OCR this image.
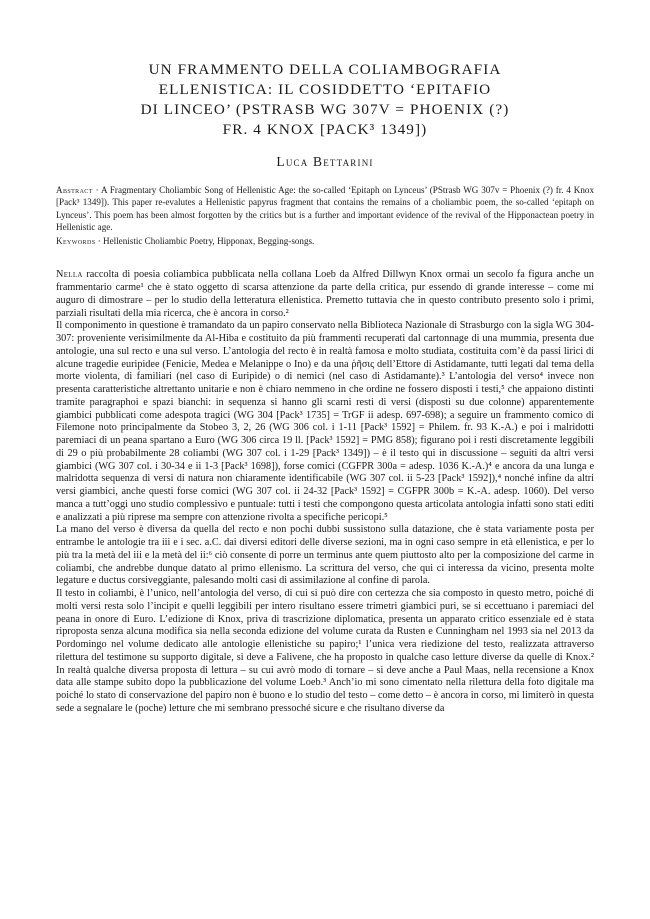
UN FRAMMENTO DELLA COLIAMBOGRAFIA
ELLENISTICA: IL COSIDDETTO ‘EPITAFIO
DI LINCEO’ (PSTRASB WG 307V = PHOENIX (?)
FR. 4 KNOX [PACK³ 1349])
Luca Bettarini
Abstract · A Fragmentary Choliambic Song of Hellenistic Age: the so-called ‘Epitaph on Lynceus’ (PStrasb WG 307v = Phoenix (?) fr. 4 Knox [Pack³ 1349]). This paper re-evalutes a Hellenistic papyrus fragment that contains the remains of a choliambic poem, the so-called ‘epitaph on Lynceus’. This poem has been almost forgotten by the critics but is a further and important evidence of the revival of the Hipponactean poetry in Hellenistic age.
Keywords · Hellenistic Choliambic Poetry, Hipponax, Begging-songs.

Nella raccolta di poesia coliambica pubblicata nella collana Loeb da Alfred Dillwyn Knox ormai un secolo fa figura anche un frammentario carme¹ che è stato oggetto di scarsa attenzione da parte della critica, pur essendo di grande interesse – come mi auguro di dimostrare – per lo studio della letteratura ellenistica. Premetto tuttavia che in questo contributo presento solo i primi, parziali risultati della mia ricerca, che è ancora in corso.²

Il componimento in questione è tramandato da un papiro conservato nella Biblioteca Nazionale di Strasburgo con la sigla WG 304-307: proveniente verisimilmente da Al-Hiba e costituito da più frammenti recuperati dal cartonnage di una mummia, presenta due antologie, una sul recto e una sul verso. L’antologia del recto è in realtà famosa e molto studiata, costituita com’è da passi lirici di alcune tragedie euripidee (Fenicie, Medea e Melanippe o Ino) e da una ῥῆσις dell’Ettore di Astidamante, tutti legati dal tema della morte violenta, di familiari (nel caso di Euripide) o di nemici (nel caso di Astidamante).³ L’antologia del verso⁴ invece non presenta caratteristiche altrettanto unitarie e non è chiaro nemmeno in che ordine ne fossero disposti i testi,⁵ che appaiono distinti tramite paragraphoi e spazi bianchi: in sequenza si hanno gli scarni resti di versi (disposti su due colonne) apparentemente giambici pubblicati come adespota tragici (WG 304 [Pack³ 1735] = TrGF ii adesp. 697-698); a seguire un frammento comico di Filemone noto principalmente da Stobeo 3, 2, 26 (WG 306 col. i 1-11 [Pack³ 1592] = Philem. fr. 93 K.-A.) e poi i malridotti paremiaci di un peana spartano a Euro (WG 306 circa 19 ll. [Pack³ 1592] = PMG 858); figurano poi i resti discretamente leggibili di 29 o più probabilmente 28 coliambi (WG 307 col. i 1-29 [Pack³ 1349]) – è il testo qui in discussione – seguiti da altri versi giambici (WG 307 col. i 30-34 e ii 1-3 [Pack³ 1698]), forse comici (CGFPR 300a = adesp. 1036 K.-A.)⁴ e ancora da una lunga e malridotta sequenza di versi di natura non chiaramente identificabile (WG 307 col. ii 5-23 [Pack³ 1592]),⁴ nonché infine da altri versi giambici, anche questi forse comici (WG 307 col. ii 24-32 [Pack³ 1592] = CGFPR 300b = K.-A. adesp. 1060). Del verso manca a tutt’oggi uno studio complessivo e puntuale: tutti i testi che compongono questa articolata antologia infatti sono stati editi e analizzati a più riprese ma sempre con attenzione rivolta a specifiche pericopi.⁵

La mano del verso è diversa da quella del recto e non pochi dubbi sussistono sulla datazione, che è stata variamente posta per entrambe le antologie tra iii e i sec. a.C. dai diversi editori delle diverse sezioni, ma in ogni caso sempre in età ellenistica, e per lo più tra la metà del iii e la metà del ii:⁶ ciò consente di porre un terminus ante quem piuttosto alto per la composizione del carme in coliambi, che andrebbe dunque datato al primo ellenismo. La scrittura del verso, che qui ci interessa da vicino, presenta molte legature e ductus corsiveggiante, palesando molti casi di assimilazione al confine di parola.

Il testo in coliambi, è l’unico, nell’antologia del verso, di cui si può dire con certezza che sia composto in questo metro, poiché di molti versi resta solo l’incipit e quelli leggibili per intero risultano essere trimetri giambici puri, se si eccettuano i paremiaci del peana in onore di Euro. L’edizione di Knox, priva di trascrizione diplomatica, presenta un apparato critico essenziale ed è stata riproposta senza alcuna modifica sia nella seconda edizione del volume curata da Rusten e Cunningham nel 1993 sia nel 2013 da Pordomingo nel volume dedicato alle antologie ellenistiche su papiro;¹ l’unica vera riedizione del testo, realizzata attraverso rilettura del testimone su supporto digitale, si deve a Falivene, che ha proposto in qualche caso letture diverse da quelle di Knox.² In realtà qualche diversa proposta di lettura – su cui avrò modo di tornare – si deve anche a Paul Maas, nella recensione a Knox data alle stampe subito dopo la pubblicazione del volume Loeb.³ Anch’io mi sono cimentato nella rilettura della foto digitale ma poiché lo stato di conservazione del papiro non è buono e lo studio del testo – come detto – è ancora in corso, mi limiterò in questa sede a segnalare le (poche) letture che mi sembrano pressoché sicure e che risultano diverse da
